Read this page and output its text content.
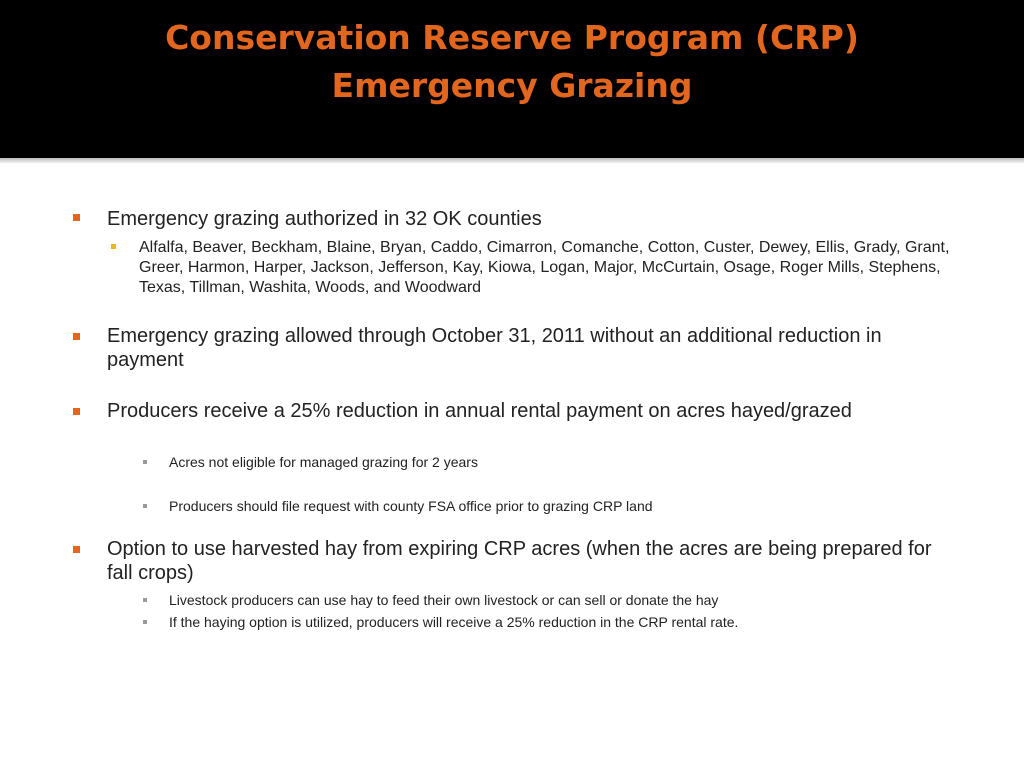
Conservation Reserve Program (CRP)
Emergency Grazing
Emergency grazing authorized in 32 OK counties
Alfalfa, Beaver, Beckham, Blaine, Bryan, Caddo, Cimarron, Comanche, Cotton, Custer, Dewey, Ellis, Grady, Grant, Greer, Harmon, Harper, Jackson, Jefferson, Kay, Kiowa, Logan, Major, McCurtain, Osage, Roger Mills, Stephens, Texas, Tillman, Washita, Woods, and Woodward
Emergency grazing allowed through October 31, 2011 without an additional reduction in payment
Producers receive a 25% reduction in annual rental payment on acres hayed/grazed
Acres not eligible for managed grazing for 2 years
Producers should file request with county FSA office prior to grazing CRP land
Option to use harvested hay from expiring CRP acres (when the acres are being prepared for fall crops)
Livestock producers can use hay to feed their own livestock or can sell or donate the hay
If the haying option is utilized, producers will receive a 25% reduction in the CRP rental rate.
